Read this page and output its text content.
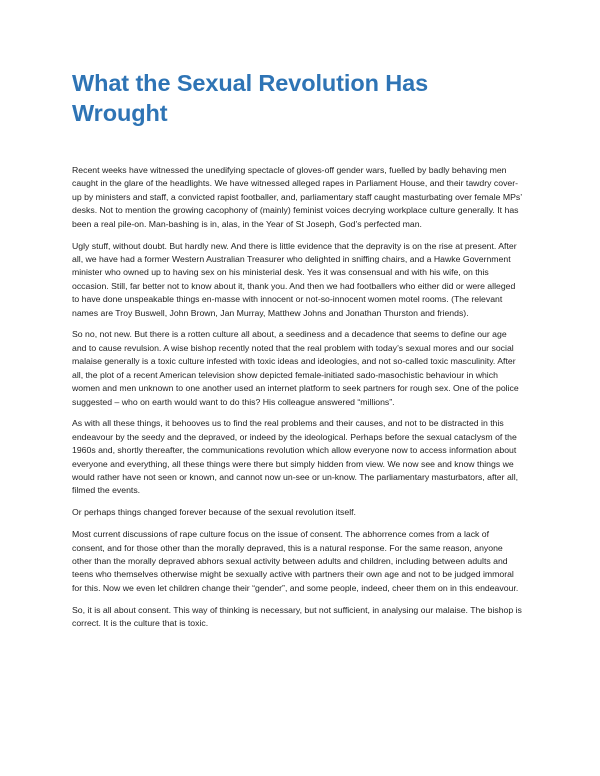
What the Sexual Revolution Has Wrought

Recent weeks have witnessed the unedifying spectacle of gloves-off gender wars, fuelled by badly behaving men caught in the glare of the headlights. We have witnessed alleged rapes in Parliament House, and their tawdry cover-up by ministers and staff, a convicted rapist footballer, and, parliamentary staff caught masturbating over female MPs’ desks. Not to mention the growing cacophony of (mainly) feminist voices decrying workplace culture generally. It has been a real pile-on. Man-bashing is in, alas, in the Year of St Joseph, God’s perfected man.

Ugly stuff, without doubt. But hardly new. And there is little evidence that the depravity is on the rise at present. After all, we have had a former Western Australian Treasurer who delighted in sniffing chairs, and a Hawke Government minister who owned up to having sex on his ministerial desk. Yes it was consensual and with his wife, on this occasion. Still, far better not to know about it, thank you. And then we had footballers who either did or were alleged to have done unspeakable things en-masse with innocent or not-so-innocent women motel rooms. (The relevant names are Troy Buswell, John Brown, Jan Murray, Matthew Johns and Jonathan Thurston and friends).

So no, not new. But there is a rotten culture all about, a seediness and a decadence that seems to define our age and to cause revulsion. A wise bishop recently noted that the real problem with today’s sexual mores and our social malaise generally is a toxic culture infested with toxic ideas and ideologies, and not so-called toxic masculinity. After all, the plot of a recent American television show depicted female-initiated sado-masochistic behaviour in which women and men unknown to one another used an internet platform to seek partners for rough sex. One of the police suggested – who on earth would want to do this? His colleague answered “millions”.

As with all these things, it behooves us to find the real problems and their causes, and not to be distracted in this endeavour by the seedy and the depraved, or indeed by the ideological. Perhaps before the sexual cataclysm of the 1960s and, shortly thereafter, the communications revolution which allow everyone now to access information about everyone and everything, all these things were there but simply hidden from view. We now see and know things we would rather have not seen or known, and cannot now un-see or un-know. The parliamentary masturbators, after all, filmed the events.

Or perhaps things changed forever because of the sexual revolution itself.

Most current discussions of rape culture focus on the issue of consent. The abhorrence comes from a lack of consent, and for those other than the morally depraved, this is a natural response. For the same reason, anyone other than the morally depraved abhors sexual activity between adults and children, including between adults and teens who themselves otherwise might be sexually active with partners their own age and not to be judged immoral for this. Now we even let children change their “gender”, and some people, indeed, cheer them on in this endeavour.

So, it is all about consent. This way of thinking is necessary, but not sufficient, in analysing our malaise. The bishop is correct. It is the culture that is toxic.
